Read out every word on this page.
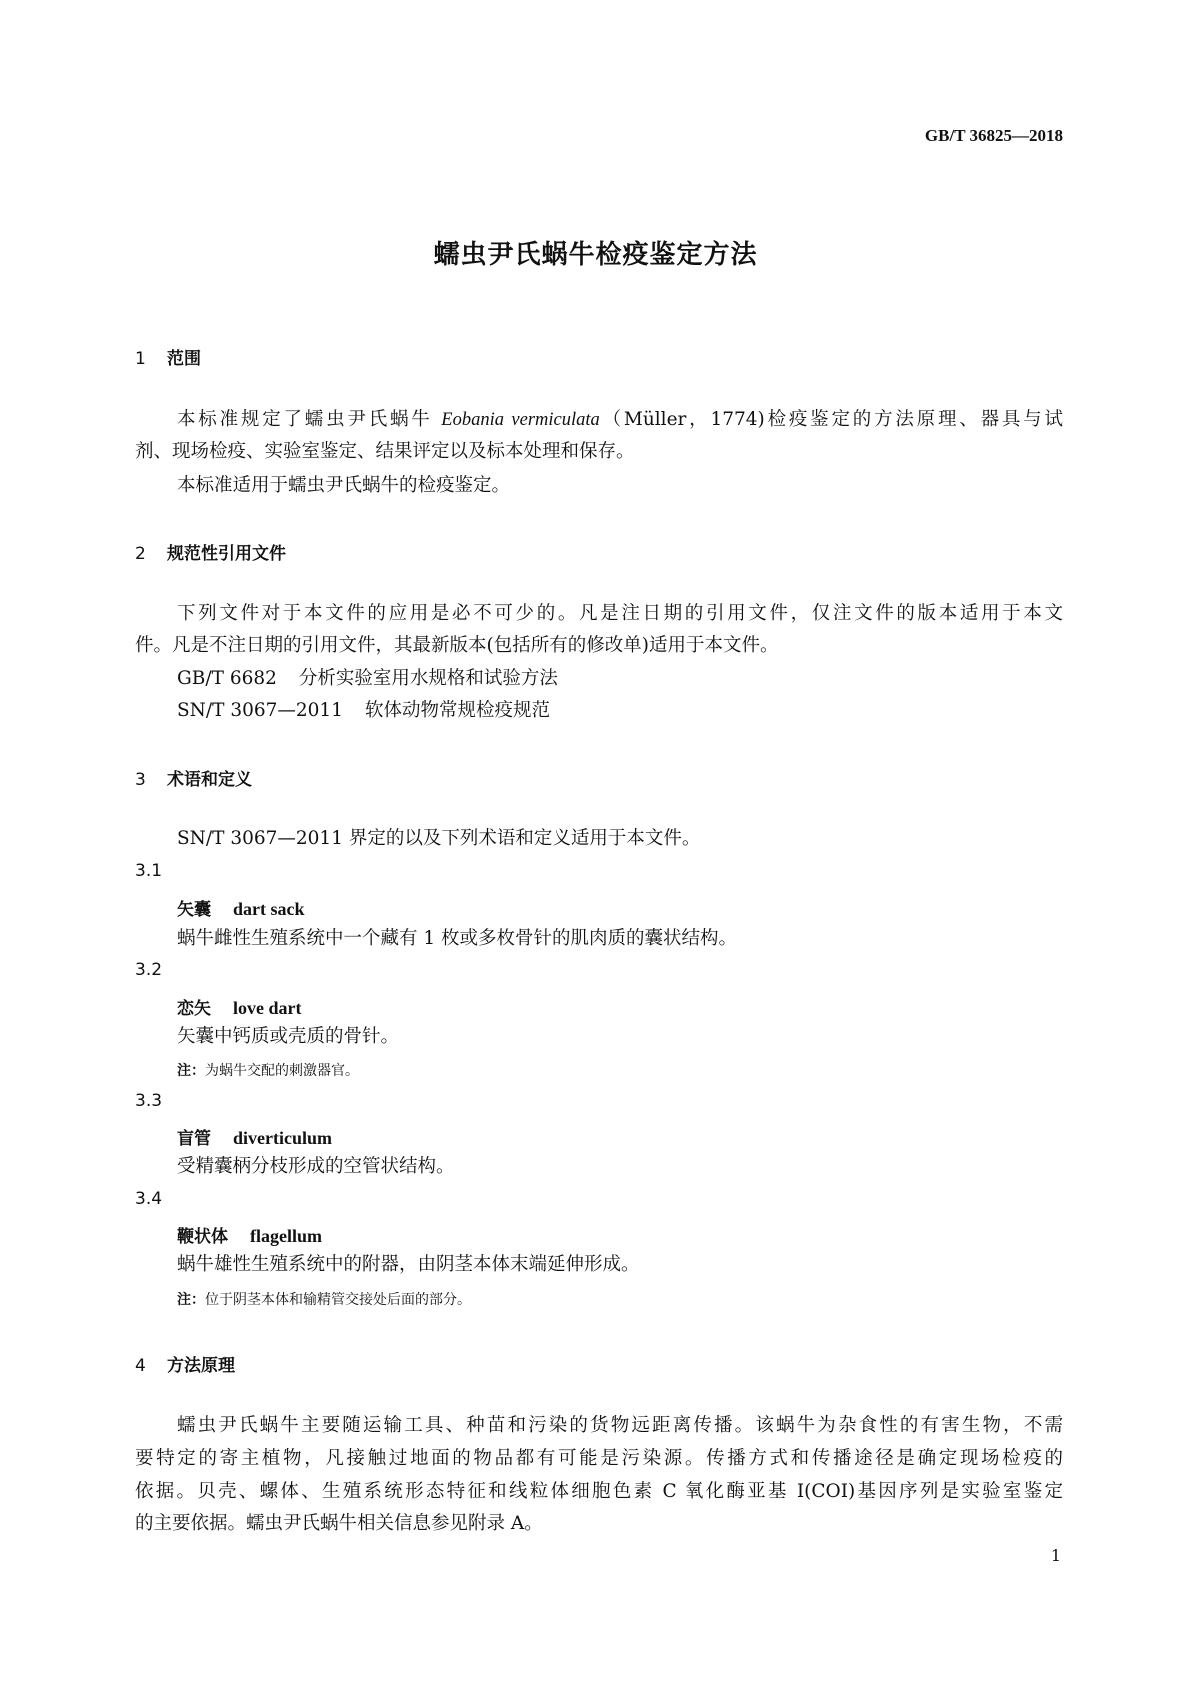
GB/T 36825—2018
蠕虫尹氏蜗牛检疫鉴定方法
1 范围
本标准规定了蠕虫尹氏蜗牛 Eobania vermiculata（Müller，1774)检疫鉴定的方法原理、器具与试
剂、现场检疫、实验室鉴定、结果评定以及标本处理和保存。
本标准适用于蠕虫尹氏蜗牛的检疫鉴定。
2 规范性引用文件
下列文件对于本文件的应用是必不可少的。凡是注日期的引用文件，仅注文件的版本适用于本文
件。凡是不注日期的引用文件，其最新版本(包括所有的修改单)适用于本文件。
GB/T 6682 分析实验室用水规格和试验方法
SN/T 3067—2011 软体动物常规检疫规范
3 术语和定义
SN/T 3067—2011 界定的以及下列术语和定义适用于本文件。
3.1
矢囊 dart sack
蜗牛雌性生殖系统中一个藏有 1 枚或多枚骨针的肌肉质的囊状结构。
3.2
恋矢 love dart
矢囊中钙质或壳质的骨针。
注：为蜗牛交配的刺激器官。
3.3
盲管 diverticulum
受精囊柄分枝形成的空管状结构。
3.4
鞭状体 flagellum
蜗牛雄性生殖系统中的附器，由阴茎本体末端延伸形成。
注：位于阴茎本体和输精管交接处后面的部分。
4 方法原理
蠕虫尹氏蜗牛主要随运输工具、种苗和污染的货物远距离传播。该蜗牛为杂食性的有害生物，不需
要特定的寄主植物，凡接触过地面的物品都有可能是污染源。传播方式和传播途径是确定现场检疫的
依据。贝壳、螺体、生殖系统形态特征和线粒体细胞色素 C 氧化酶亚基 I(COI)基因序列是实验室鉴定
的主要依据。蠕虫尹氏蜗牛相关信息参见附录 A。
1
